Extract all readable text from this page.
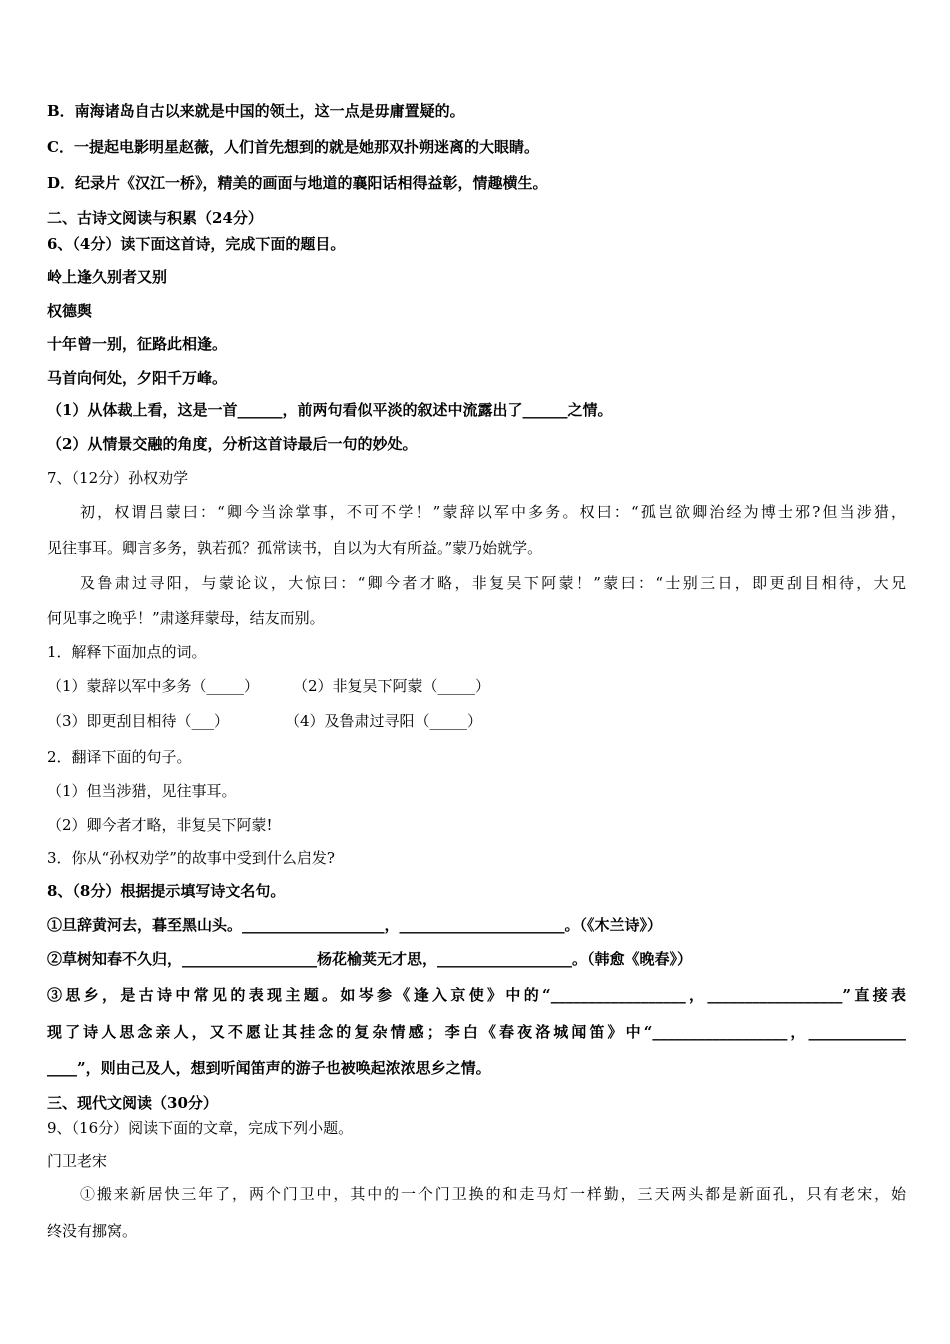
B．南海诸岛自古以来就是中国的领土，这一点是毋庸置疑的。
C．一提起电影明星赵薇，人们首先想到的就是她那双扑朔迷离的大眼睛。
D．纪录片《汉江一桥》，精美的画面与地道的襄阳话相得益彰，情趣横生。
二、古诗文阅读与积累（24分）
6、（4分）读下面这首诗，完成下面的题目。
岭上逢久别者又别
权德舆
十年曾一别，征路此相逢。
马首向何处，夕阳千万峰。
（1）从体裁上看，这是一首______，前两句看似平淡的叙述中流露出了______之情。
（2）从情景交融的角度，分析这首诗最后一句的妙处。
7、（12分）孙权劝学
初，权谓吕蒙曰：“卿今当涂掌事，不可不学！”蒙辞以军中多务。权曰：“孤岂欲卿治经为博士邪?但当涉猎，
见往事耳。卿言多务，孰若孤？孤常读书，自以为大有所益。”蒙乃始就学。
及鲁肃过寻阳，与蒙论议，大惊曰：“卿今者才略，非复吴下阿蒙！”蒙曰：“士别三日，即更刮目相待，大兄
何见事之晚乎！”肃遂拜蒙母，结友而别。
1．解释下面加点的词。
（1）蒙辞以军中多务（_____） （2）非复吴下阿蒙（_____）
（3）即更刮目相待（___）	（4）及鲁肃过寻阳（_____）
2．翻译下面的句子。
（1）但当涉猎，见往事耳。
（2）卿今者才略，非复吴下阿蒙!
3．你从“孙权劝学”的故事中受到什么启发?
8、（8分）根据提示填写诗文名句。
①旦辞黄河去，暮至黑山头。___________________，______________________。（《木兰诗》）
②草树知春不久归，__________________杨花榆荚无才思，__________________。（韩愈《晚春》）
③思乡，是古诗中常见的表现主题。如岑参《逢入京使》中的“__________________，__________________”直接表
现了诗人思念亲人，又不愿让其挂念的复杂情感；李白《春夜洛城闻笛》中“__________________，_____________
____”，则由己及人，想到听闻笛声的游子也被唤起浓浓思乡之情。
三、现代文阅读（30分）
9、（16分）阅读下面的文章，完成下列小题。
门卫老宋
①搬来新居快三年了，两个门卫中，其中的一个门卫换的和走马灯一样勤，三天两头都是新面孔，只有老宋，始
终没有挪窝。
